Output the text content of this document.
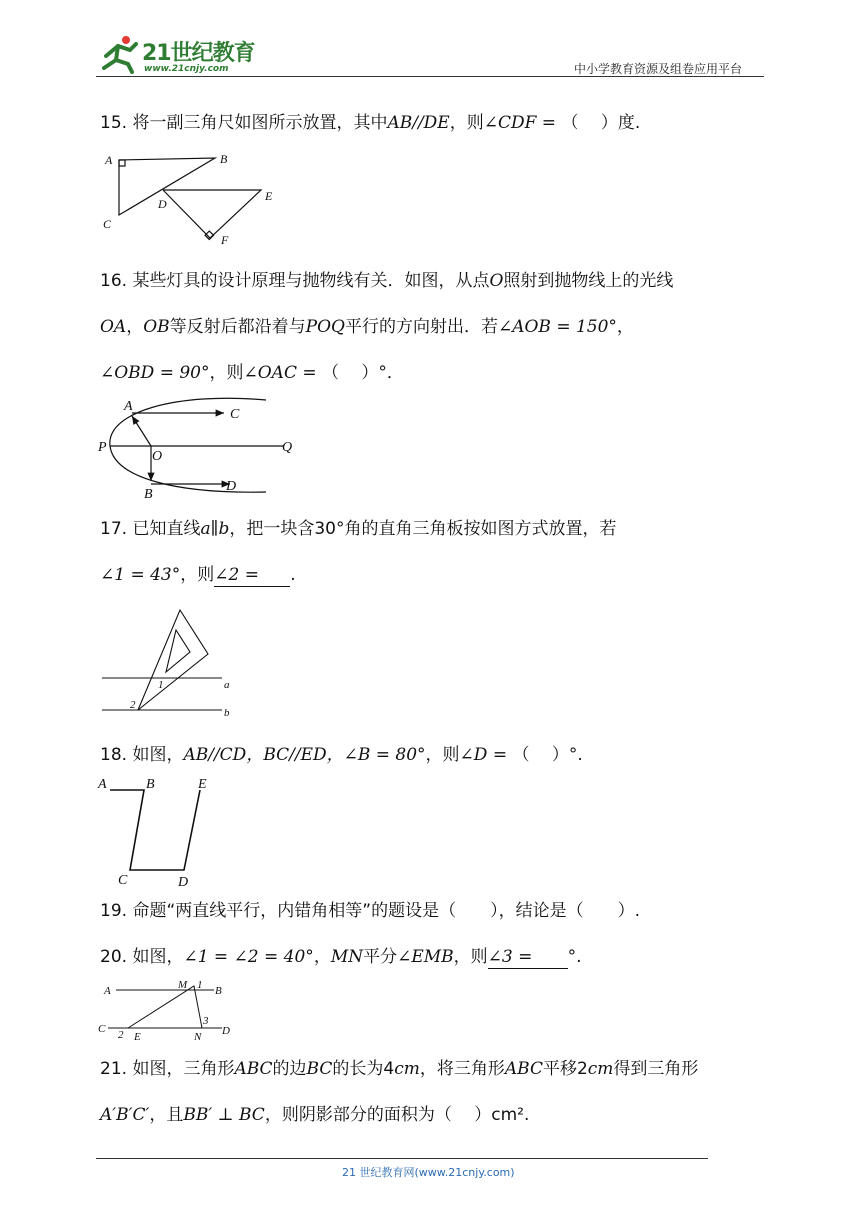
21世纪教育
www.21cnjy.com	中小学教育资源及组卷应用平台
15. 将一副三角尺如图所示放置，其中AB//DE，则∠CDF = （　 ）度.
A	B
C
D
E
F
16. 某些灯具的设计原理与抛物线有关．如图，从点O照射到抛物线上的光线
OA，OB等反射后都沿着与POQ平行的方向射出．若∠AOB = 150°，
∠OBD = 90°，则∠OAC = （　 ）°．
A
C
P
O
Q
B
D
17. 已知直线a∥b，把一块含30°角的直角三角板按如图方式放置，若
∠1 = 43°，则∠2 =.
1
2
a
b
18. 如图，AB//CD，BC//ED，∠B = 80°，则∠D = （　 ）°.
A	B	E
C	D
19. 命题“两直线平行，内错角相等”的题设是（　　），结论是（　　）.
20. 如图，∠1 = ∠2 = 40°，MN平分∠EMB，则∠3 =°.
A	M 1 B
C 2 E
3
N D
21. 如图，三角形ABC的边BC的长为4cm，将三角形ABC平移2cm得到三角形
A′B′C′，且BB′ ⊥ BC，则阴影部分的面积为（　 ）cm².
21 世纪教育网(www.21cnjy.com)
